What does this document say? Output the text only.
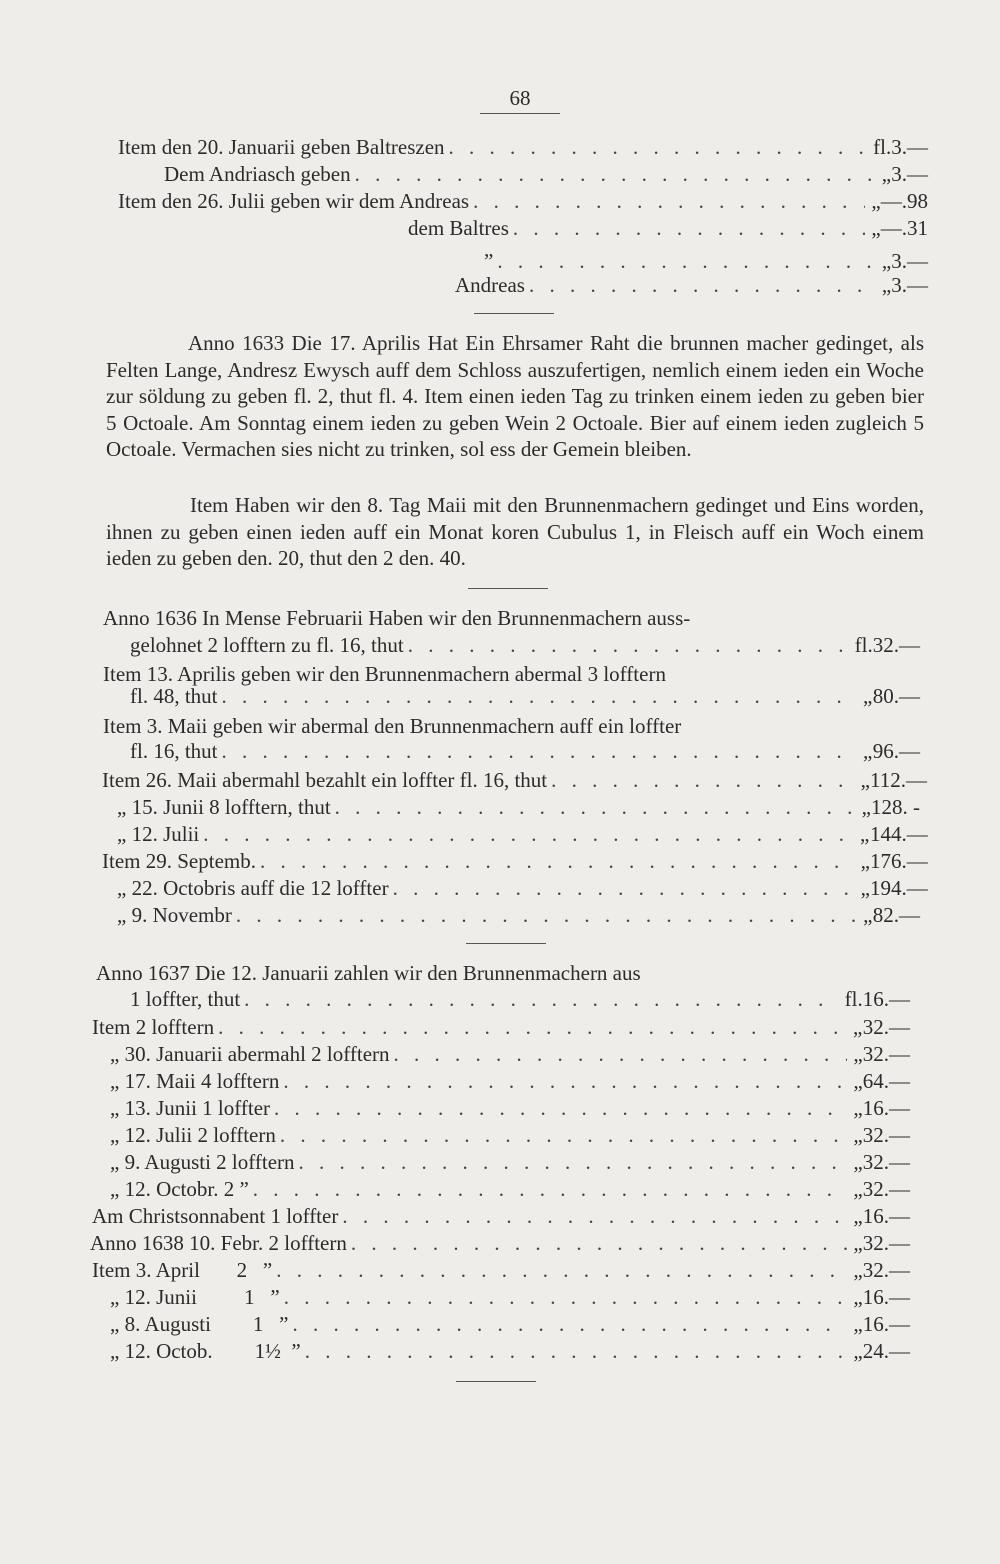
68
Item den 20. Januarii geben Baltreszen . . .	fl. 3.—
Dem Andriasch geben . . .	„ 3.—
Item den 26. Julii geben wir dem Andreas . . .	„ —.98
dem Baltres . . .	„ —.31
” . . .	„ 3.—
Andreas . . .	„ 3.—
Anno 1633 Die 17. Aprilis Hat Ein Ehrsamer Raht die brunnen macher gedinget, als Felten Lange, Andresz Ewysch auff dem Schloss auszufertigen, nemlich einem ieden ein Woche zur söldung zu geben fl. 2, thut fl. 4. Item einen ieden Tag zu trinken einem ieden zu geben bier 5 Octoale. Am Sonntag einem ieden zu geben Wein 2 Octoale. Bier auf einem ieden zugleich 5 Octoale. Vermachen sies nicht zu trinken, sol ess der Gemein bleiben.
Item Haben wir den 8. Tag Maii mit den Brunnenmachern gedinget und Eins worden, ihnen zu geben einen ieden auff ein Monat koren Cubulus 1, in Fleisch auff ein Woch einem ieden zu geben den. 20, thut den 2 den. 40.
Anno 1636 In Mense Februarii Haben wir den Brunnenmachern auss-
gelohnet 2 lofftern zu fl. 16, thut . . .	fl. 32.—
Item 13. Aprilis geben wir den Brunnenmachern abermal 3 lofftern
fl. 48, thut . . .	„ 80.—
Item 3. Maii geben wir abermal den Brunnenmachern auff ein loffter
fl. 16, thut . . .	„ 96.—
Item 26. Maii abermahl bezahlt ein loffter fl. 16, thut . . .	„ 112.—
„ 15. Junii 8 lofftern, thut . . .	„ 128. -
„ 12. Julii . . .	„ 144.—
Item 29. Septemb. . . .	„ 176.—
„ 22. Octobris auff die 12 loffter . . .	„ 194.—
„ 9. Novembr . . .	„ 82.—
Anno 1637 Die 12. Januarii zahlen wir den Brunnenmachern aus
1 loffter, thut . . .	fl. 16.—
Item 2 lofftern . . .	„ 32.—
„ 30. Januarii abermahl 2 lofftern . . .	„ 32.—
„ 17. Maii 4 lofftern . . .	„ 64.—
„ 13. Junii 1 loffter . . .	„ 16.—
„ 12. Julii 2 lofftern . . .	„ 32.—
„ 9. Augusti 2 lofftern . . .	„ 32.—
„ 12. Octobr. 2 ” . . .	„ 32.—
Am Christsonnabent 1 loffter . . .	„ 16.—
Anno 1638 10. Febr. 2 lofftern . . .	„ 32.—
Item 3. April       2   ” . . .	„ 32.—
„ 12. Junii         1   ” . . .	„ 16.—
„ 8. Augusti        1   ” . . .	„ 16.—
„ 12. Octob.        1½  ” . . .	„ 24.—
